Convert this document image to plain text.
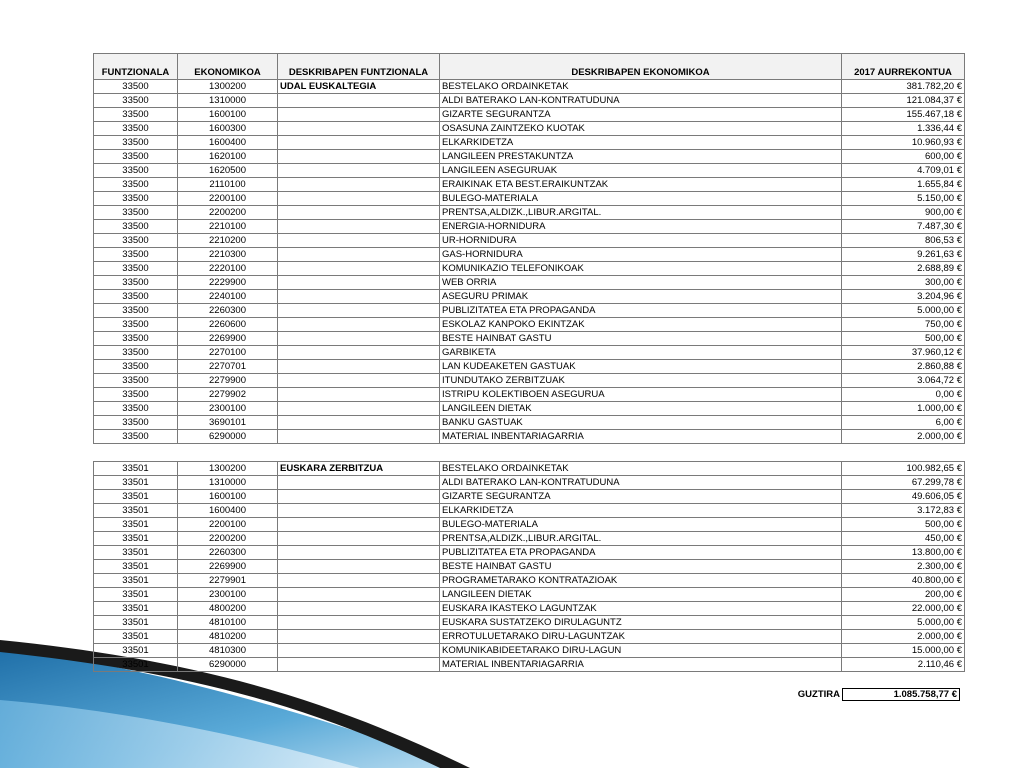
FUNTZIONALA	EKONOMIKOA	DESKRIBAPEN FUNTZIONALA	DESKRIBAPEN EKONOMIKOA	2017 AURREKONTUA
33500	1300200	UDAL EUSKALTEGIA	BESTELAKO ORDAINKETAK	381.782,20 €
33500	1310000		ALDI BATERAKO LAN-KONTRATUDUNA	121.084,37 €
33500	1600100		GIZARTE SEGURANTZA	155.467,18 €
33500	1600300		OSASUNA ZAINTZEKO KUOTAK	1.336,44 €
33500	1600400		ELKARKIDETZA	10.960,93 €
33500	1620100		LANGILEEN PRESTAKUNTZA	600,00 €
33500	1620500		LANGILEEN ASEGURUAK	4.709,01 €
33500	2110100		ERAIKINAK ETA BEST.ERAIKUNTZAK	1.655,84 €
33500	2200100		BULEGO-MATERIALA	5.150,00 €
33500	2200200		PRENTSA,ALDIZK.,LIBUR.ARGITAL.	900,00 €
33500	2210100		ENERGIA-HORNIDURA	7.487,30 €
33500	2210200		UR-HORNIDURA	806,53 €
33500	2210300		GAS-HORNIDURA	9.261,63 €
33500	2220100		KOMUNIKAZIO TELEFONIKOAK	2.688,89 €
33500	2229900		WEB ORRIA	300,00 €
33500	2240100		ASEGURU PRIMAK	3.204,96 €
33500	2260300		PUBLIZITATEA ETA PROPAGANDA	5.000,00 €
33500	2260600		ESKOLAZ KANPOKO EKINTZAK	750,00 €
33500	2269900		BESTE HAINBAT GASTU	500,00 €
33500	2270100		GARBIKETA	37.960,12 €
33500	2270701		LAN KUDEAKETEN GASTUAK	2.860,88 €
33500	2279900		ITUNDUTAKO ZERBITZUAK	3.064,72 €
33500	2279902		ISTRIPU KOLEKTIBOEN ASEGURUA	0,00 €
33500	2300100		LANGILEEN DIETAK	1.000,00 €
33500	3690101		BANKU GASTUAK	6,00 €
33500	6290000		MATERIAL INBENTARIAGARRIA	2.000,00 €
33501	1300200	EUSKARA ZERBITZUA	BESTELAKO ORDAINKETAK	100.982,65 €
33501	1310000		ALDI BATERAKO LAN-KONTRATUDUNA	67.299,78 €
33501	1600100		GIZARTE SEGURANTZA	49.606,05 €
33501	1600400		ELKARKIDETZA	3.172,83 €
33501	2200100		BULEGO-MATERIALA	500,00 €
33501	2200200		PRENTSA,ALDIZK.,LIBUR.ARGITAL.	450,00 €
33501	2260300		PUBLIZITATEA ETA PROPAGANDA	13.800,00 €
33501	2269900		BESTE HAINBAT GASTU	2.300,00 €
33501	2279901		PROGRAMETARAKO KONTRATAZIOAK	40.800,00 €
33501	2300100		LANGILEEN DIETAK	200,00 €
33501	4800200		EUSKARA IKASTEKO LAGUNTZAK	22.000,00 €
33501	4810100		EUSKARA SUSTATZEKO DIRULAGUNTZ	5.000,00 €
33501	4810200		ERROTULUETARAKO DIRU-LAGUNTZAK	2.000,00 €
33501	4810300		KOMUNIKABIDEETARAKO DIRU-LAGUN	15.000,00 €
33501	6290000		MATERIAL INBENTARIAGARRIA	2.110,46 €
GUZTIRA	1.085.758,77 €
